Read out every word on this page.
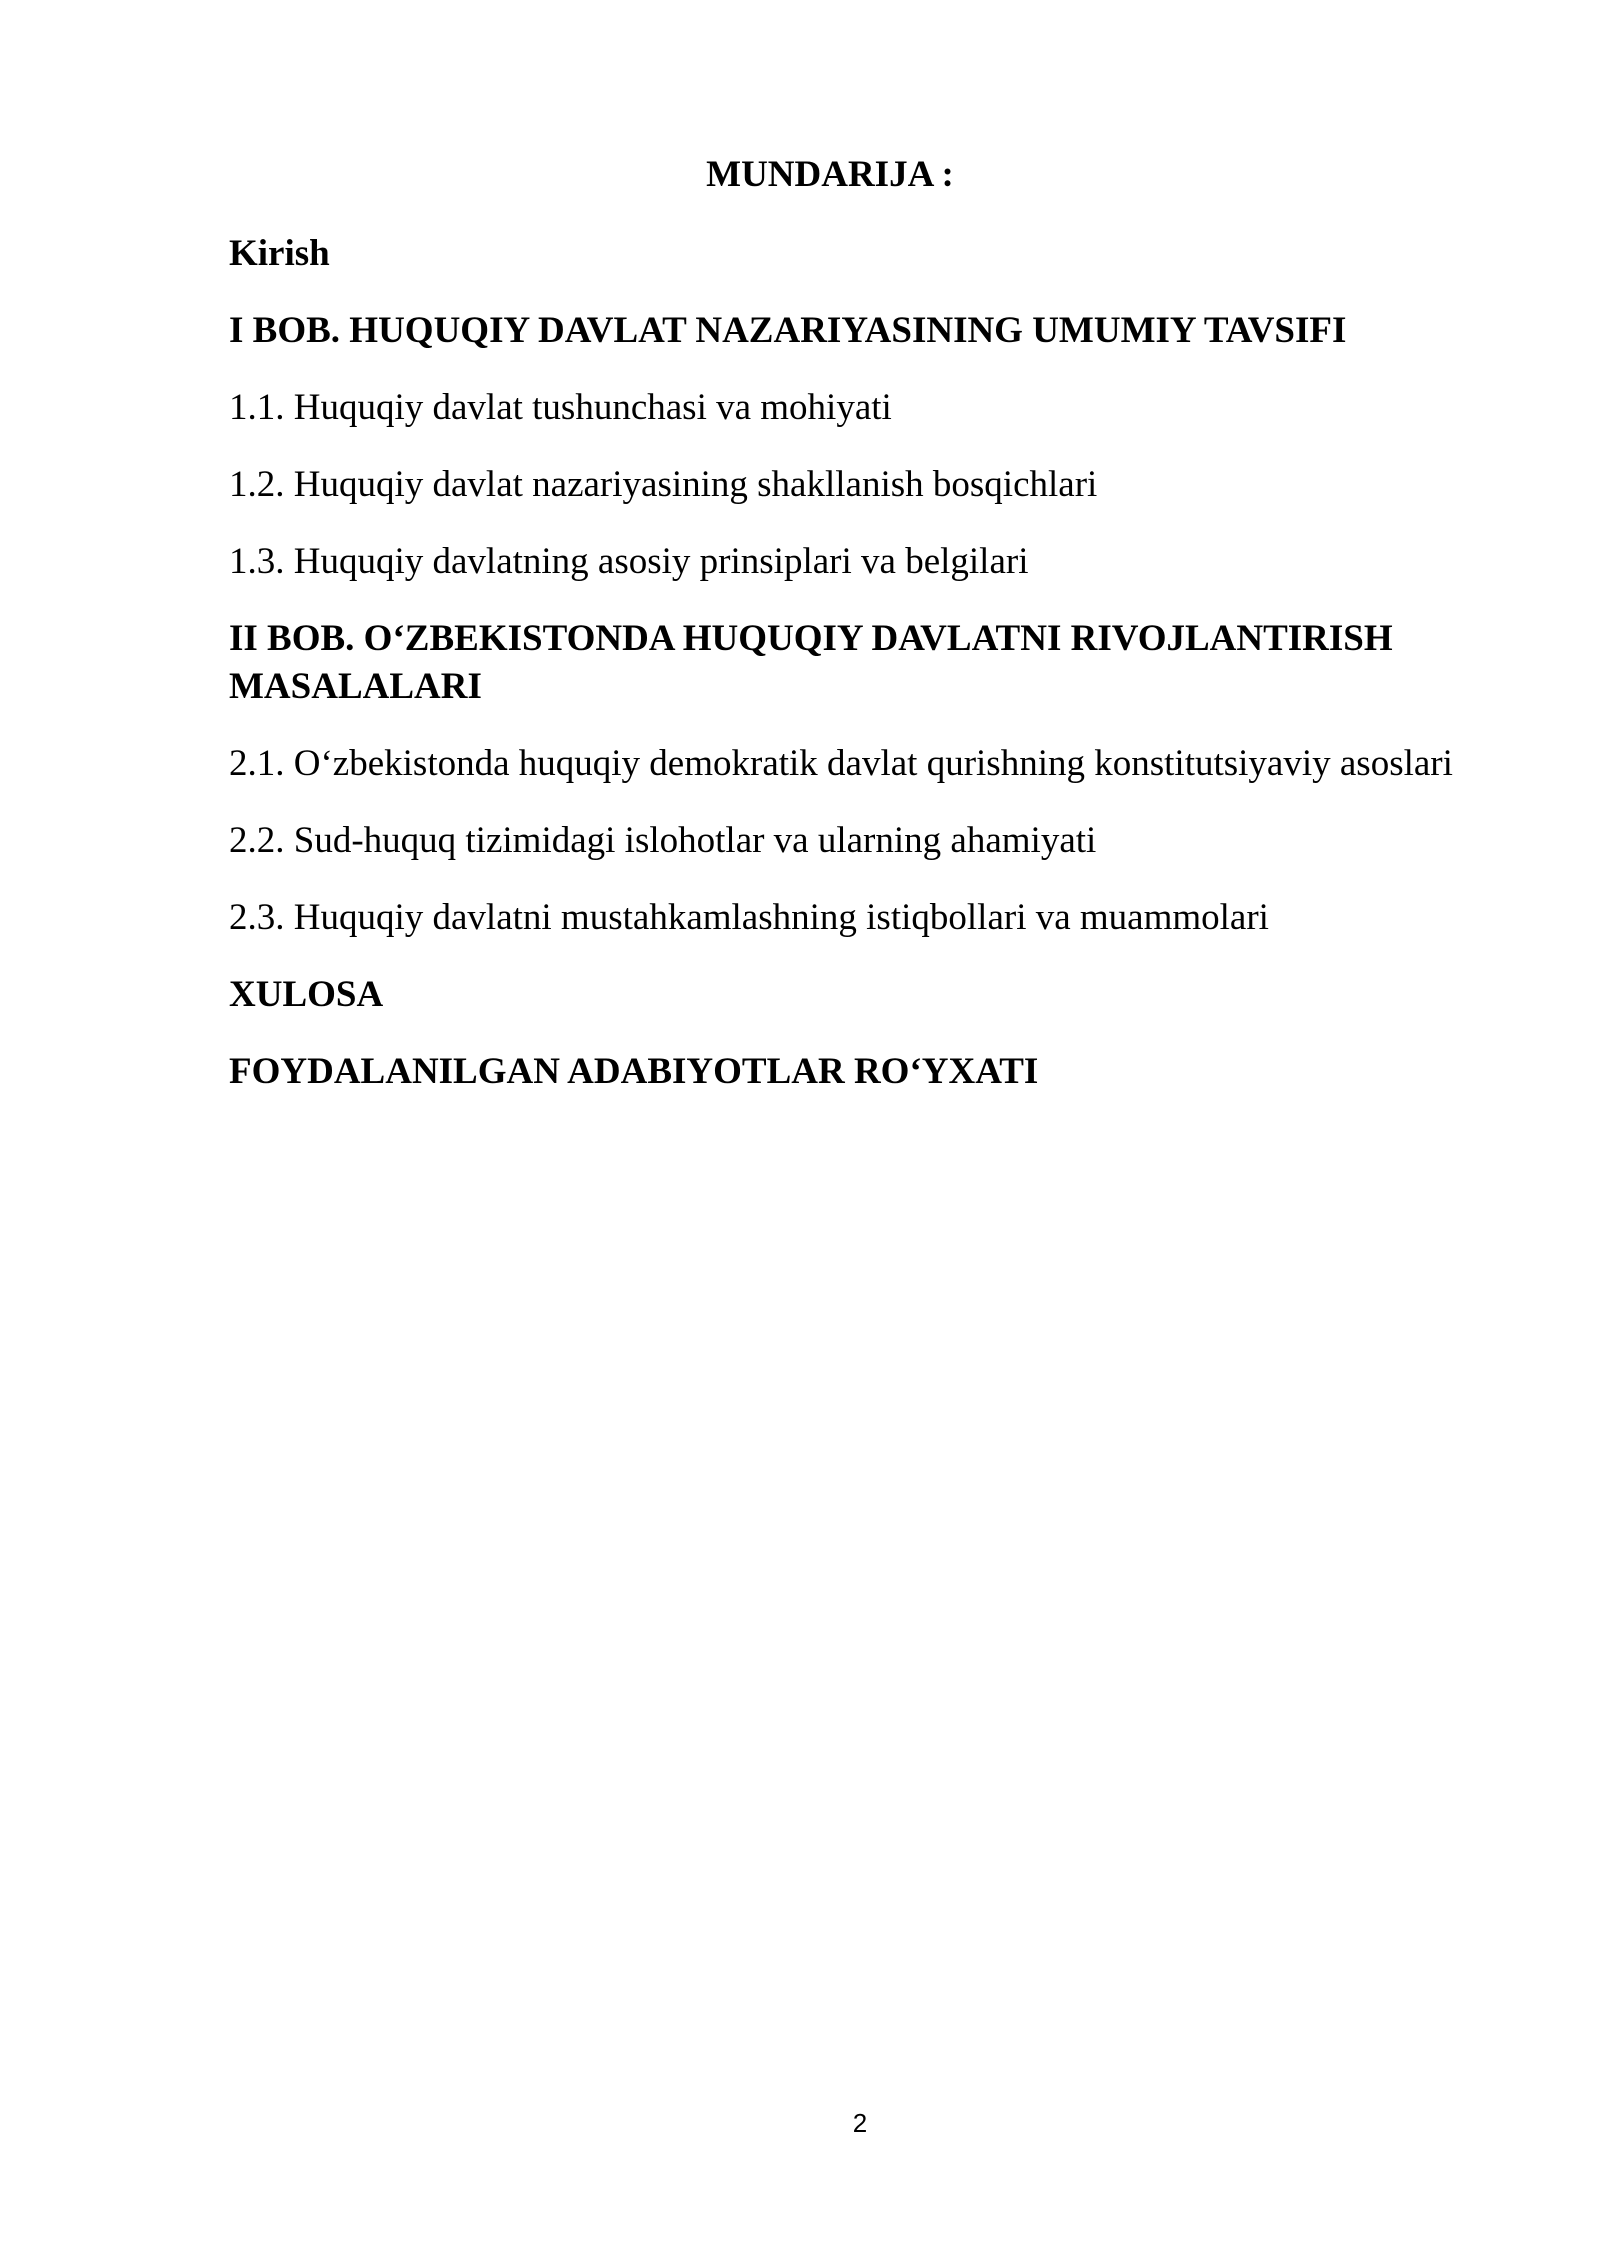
MUNDARIJA :
Kirish
I BOB. HUQUQIY DAVLAT NAZARIYASINING UMUMIY TAVSIFI
1.1. Huquqiy davlat tushunchasi va mohiyati
1.2. Huquqiy davlat nazariyasining shakllanish bosqichlari
1.3. Huquqiy davlatning asosiy prinsiplari va belgilari
II BOB. O‘ZBEKISTONDA HUQUQIY DAVLATNI RIVOJLANTIRISH MASALALARI
2.1. O‘zbekistonda huquqiy demokratik davlat qurishning konstitutsiyaviy asoslari
2.2. Sud-huquq tizimidagi islohotlar va ularning ahamiyati
2.3. Huquqiy davlatni mustahkamlashning istiqbollari va muammolari
XULOSA
FOYDALANILGAN ADABIYOTLAR RO‘YXATI
2
